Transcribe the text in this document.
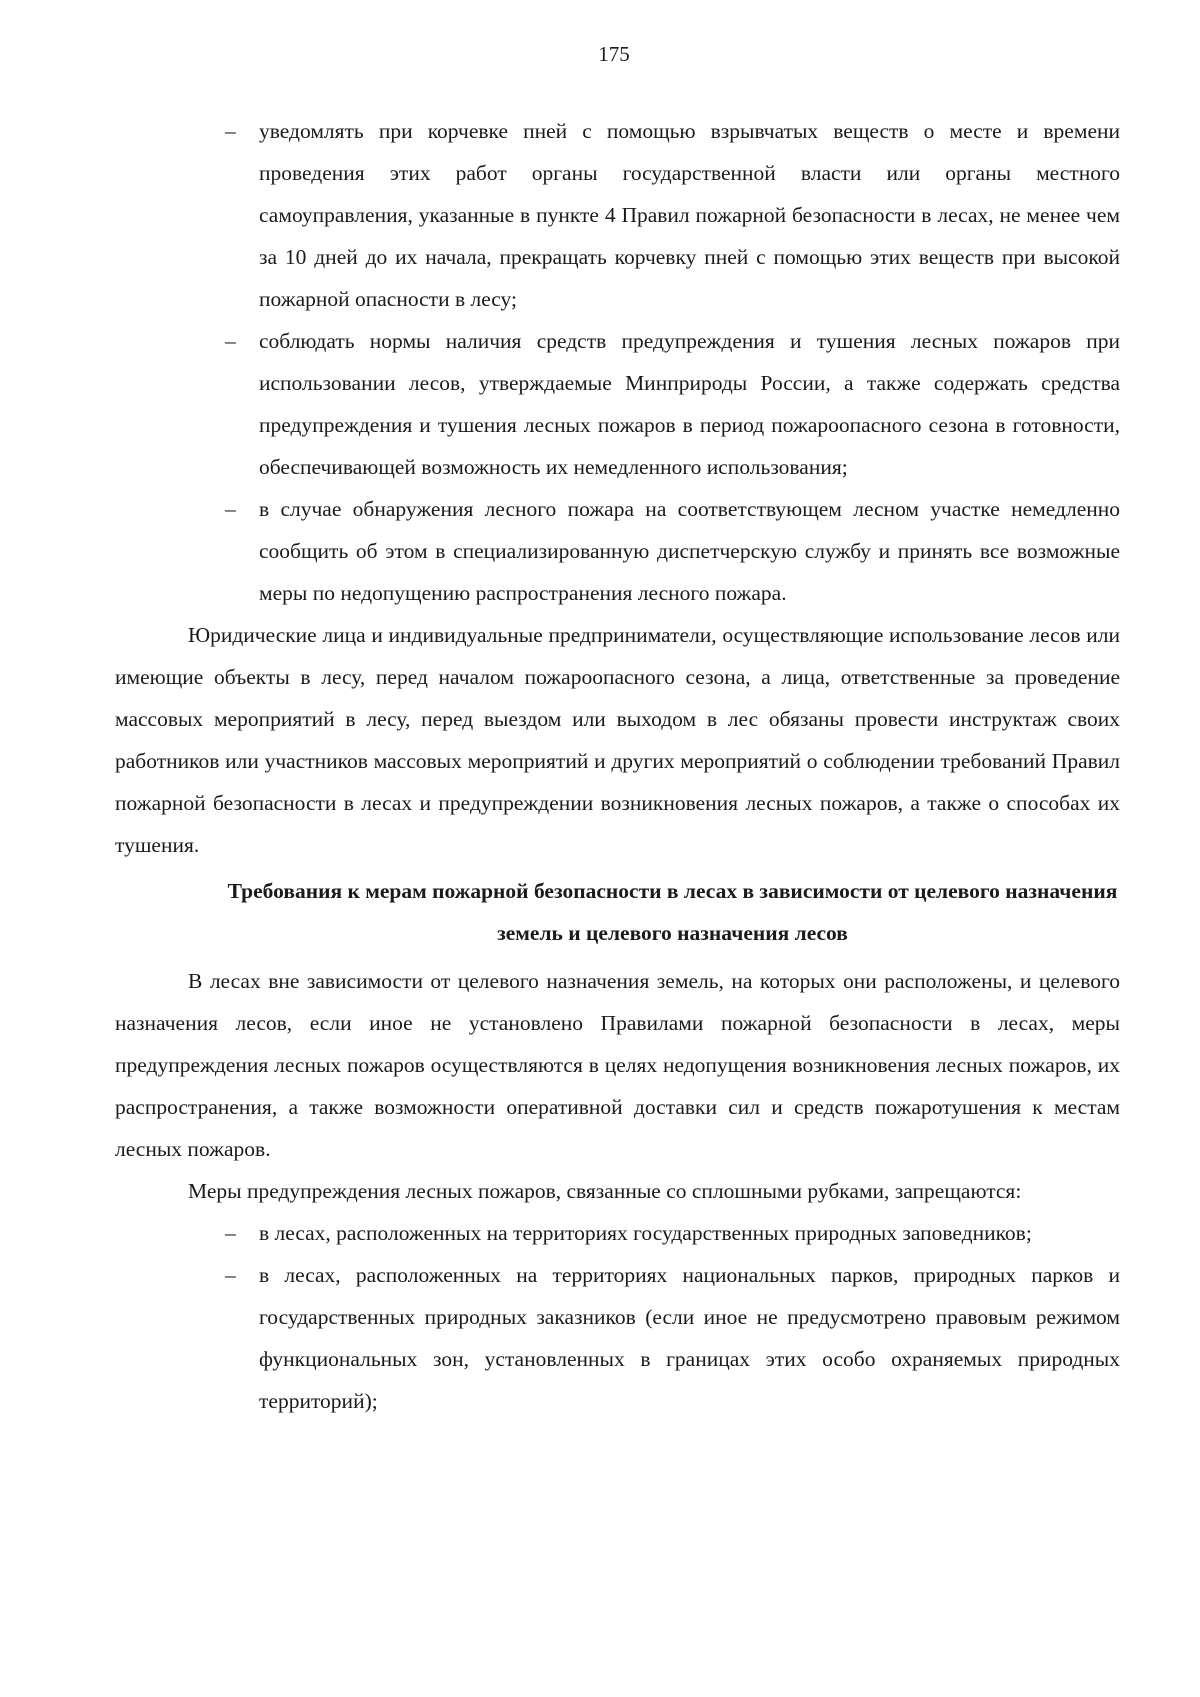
175
– уведомлять при корчевке пней с помощью взрывчатых веществ о месте и времени проведения этих работ органы государственной власти или органы местного самоуправления, указанные в пункте 4 Правил пожарной безопасности в лесах, не менее чем за 10 дней до их начала, прекращать корчевку пней с помощью этих веществ при высокой пожарной опасности в лесу;
– соблюдать нормы наличия средств предупреждения и тушения лесных пожаров при использовании лесов, утверждаемые Минприроды России, а также содержать средства предупреждения и тушения лесных пожаров в период пожароопасного сезона в готовности, обеспечивающей возможность их немедленного использования;
– в случае обнаружения лесного пожара на соответствующем лесном участке немедленно сообщить об этом в специализированную диспетчерскую службу и принять все возможные меры по недопущению распространения лесного пожара.
Юридические лица и индивидуальные предприниматели, осуществляющие использование лесов или имеющие объекты в лесу, перед началом пожароопасного сезона, а лица, ответственные за проведение массовых мероприятий в лесу, перед выездом или выходом в лес обязаны провести инструктаж своих работников или участников массовых мероприятий и других мероприятий о соблюдении требований Правил пожарной безопасности в лесах и предупреждении возникновения лесных пожаров, а также о способах их тушения.
Требования к мерам пожарной безопасности в лесах в зависимости от целевого назначения земель и целевого назначения лесов
В лесах вне зависимости от целевого назначения земель, на которых они расположены, и целевого назначения лесов, если иное не установлено Правилами пожарной безопасности в лесах, меры предупреждения лесных пожаров осуществляются в целях недопущения возникновения лесных пожаров, их распространения, а также возможности оперативной доставки сил и средств пожаротушения к местам лесных пожаров.
Меры предупреждения лесных пожаров, связанные со сплошными рубками, запрещаются:
– в лесах, расположенных на территориях государственных природных заповедников;
– в лесах, расположенных на территориях национальных парков, природных парков и государственных природных заказников (если иное не предусмотрено правовым режимом функциональных зон, установленных в границах этих особо охраняемых природных территорий);
